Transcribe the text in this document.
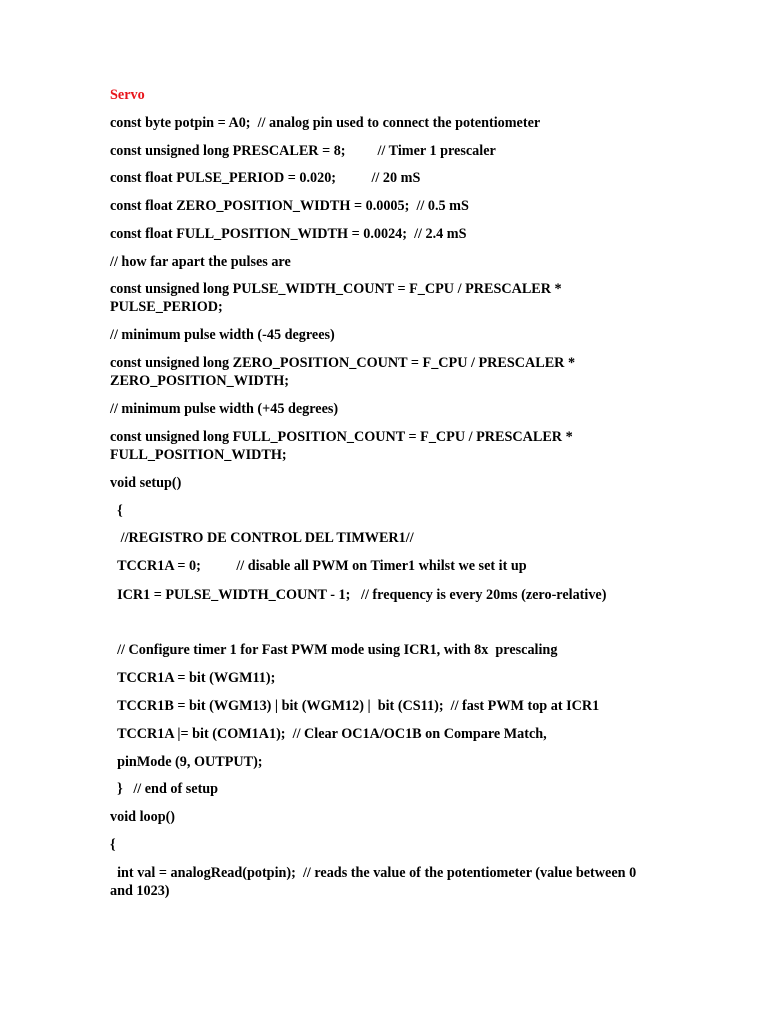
Servo

const byte potpin = A0;  // analog pin used to connect the potentiometer

const unsigned long PRESCALER = 8;         // Timer 1 prescaler

const float PULSE_PERIOD = 0.020;          // 20 mS

const float ZERO_POSITION_WIDTH = 0.0005;  // 0.5 mS

const float FULL_POSITION_WIDTH = 0.0024;  // 2.4 mS

// how far apart the pulses are

const unsigned long PULSE_WIDTH_COUNT = F_CPU / PRESCALER * PULSE_PERIOD;

// minimum pulse width (-45 degrees)

const unsigned long ZERO_POSITION_COUNT = F_CPU / PRESCALER * ZERO_POSITION_WIDTH;

// minimum pulse width (+45 degrees)

const unsigned long FULL_POSITION_COUNT = F_CPU / PRESCALER * FULL_POSITION_WIDTH;

void setup()

{

//REGISTRO DE CONTROL DEL TIMWER1//

TCCR1A = 0;          // disable all PWM on Timer1 whilst we set it up

ICR1 = PULSE_WIDTH_COUNT - 1;   // frequency is every 20ms (zero-relative)

// Configure timer 1 for Fast PWM mode using ICR1, with 8x  prescaling

TCCR1A = bit (WGM11);

TCCR1B = bit (WGM13) | bit (WGM12) |  bit (CS11);  // fast PWM top at ICR1

TCCR1A |= bit (COM1A1);  // Clear OC1A/OC1B on Compare Match,

pinMode (9, OUTPUT);

}   // end of setup

void loop()

{

int val = analogRead(potpin);  // reads the value of the potentiometer (value between 0 and 1023)
